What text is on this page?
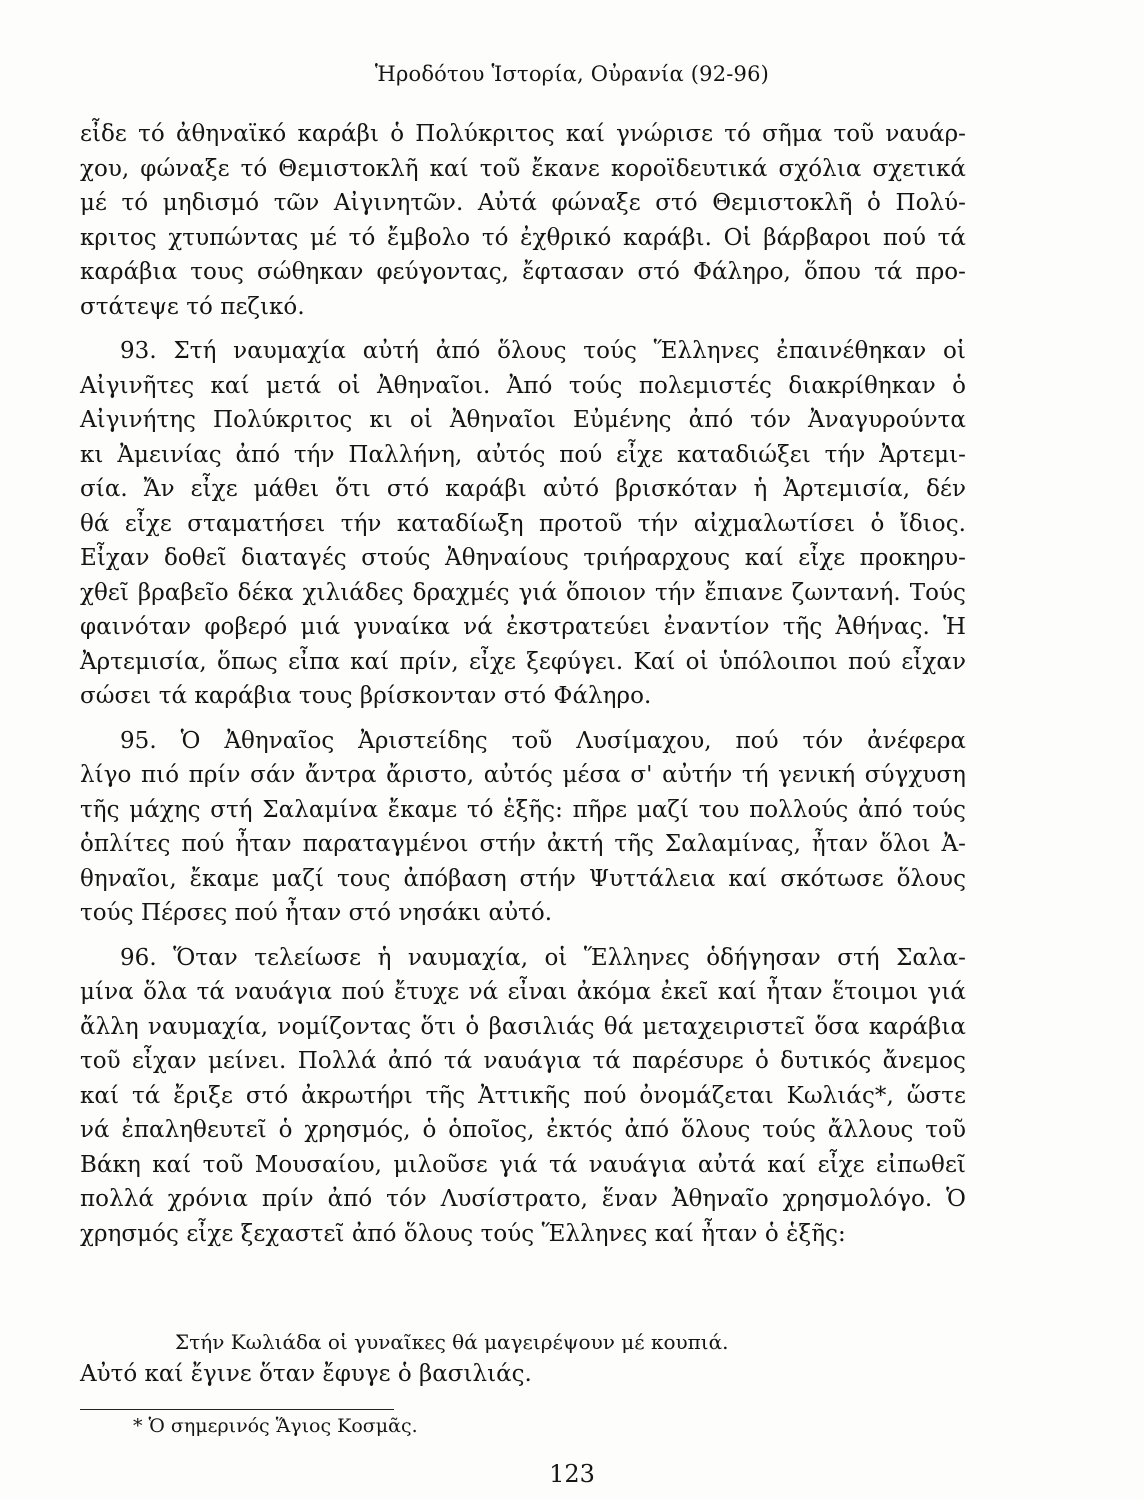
Ἡροδότου Ἱστορία, Οὐρανία (92-96)
εἶδε τό ἀθηναϊκό καράβι ὁ Πολύκριτος καί γνώρισε τό σῆμα τοῦ ναυάρ-
χου, φώναξε τό Θεμιστοκλῆ καί τοῦ ἔκανε κοροϊδευτικά σχόλια σχετικά
μέ τό μηδισμό τῶν Αἰγινητῶν. Αὐτά φώναξε στό Θεμιστοκλῆ ὁ Πολύ-
κριτος χτυπώντας μέ τό ἔμβολο τό ἐχθρικό καράβι. Οἱ βάρβαροι πού τά
καράβια τους σώθηκαν φεύγοντας, ἔφτασαν στό Φάληρο, ὅπου τά προ-
στάτεψε τό πεζικό.
93. Στή ναυμαχία αὐτή ἀπό ὅλους τούς Ἕλληνες ἐπαινέθηκαν οἱ
Αἰγινῆτες καί μετά οἱ Ἀθηναῖοι. Ἀπό τούς πολεμιστές διακρίθηκαν ὁ
Αἰγινήτης Πολύκριτος κι οἱ Ἀθηναῖοι Εὐμένης ἀπό τόν Ἀναγυρούντα
κι Ἀμεινίας ἀπό τήν Παλλήνη, αὐτός πού εἶχε καταδιώξει τήν Ἀρτεμι-
σία. Ἄν εἶχε μάθει ὅτι στό καράβι αὐτό βρισκόταν ἡ Ἀρτεμισία, δέν
θά εἶχε σταματήσει τήν καταδίωξη προτοῦ τήν αἰχμαλωτίσει ὁ ἴδιος.
Εἶχαν δοθεῖ διαταγές στούς Ἀθηναίους τριήραρχους καί εἶχε προκηρυ-
χθεῖ βραβεῖο δέκα χιλιάδες δραχμές γιά ὅποιον τήν ἔπιανε ζωντανή. Τούς
φαινόταν φοβερό μιά γυναίκα νά ἐκστρατεύει ἐναντίον τῆς Ἀθήνας. Ἡ
Ἀρτεμισία, ὅπως εἶπα καί πρίν, εἶχε ξεφύγει. Καί οἱ ὑπόλοιποι πού εἶχαν
σώσει τά καράβια τους βρίσκονταν στό Φάληρο.
95. Ὁ Ἀθηναῖος Ἀριστείδης τοῦ Λυσίμαχου, πού τόν ἀνέφερα
λίγο πιό πρίν σάν ἄντρα ἄριστο, αὐτός μέσα σ' αὐτήν τή γενική σύγχυση
τῆς μάχης στή Σαλαμίνα ἔκαμε τό ἑξῆς: πῆρε μαζί του πολλούς ἀπό τούς
ὁπλίτες πού ἦταν παραταγμένοι στήν ἀκτή τῆς Σαλαμίνας, ἦταν ὅλοι Ἀ-
θηναῖοι, ἔκαμε μαζί τους ἀπόβαση στήν Ψυττάλεια καί σκότωσε ὅλους
τούς Πέρσες πού ἦταν στό νησάκι αὐτό.
96. Ὅταν τελείωσε ἡ ναυμαχία, οἱ Ἕλληνες ὁδήγησαν στή Σαλα-
μίνα ὅλα τά ναυάγια πού ἔτυχε νά εἶναι ἀκόμα ἐκεῖ καί ἦταν ἕτοιμοι γιά
ἄλλη ναυμαχία, νομίζοντας ὅτι ὁ βασιλιάς θά μεταχειριστεῖ ὅσα καράβια
τοῦ εἶχαν μείνει. Πολλά ἀπό τά ναυάγια τά παρέσυρε ὁ δυτικός ἄνεμος
καί τά ἔριξε στό ἀκρωτήρι τῆς Ἀττικῆς πού ὀνομάζεται Κωλιάς*, ὥστε
νά ἐπαληθευτεῖ ὁ χρησμός, ὁ ὁποῖος, ἐκτός ἀπό ὅλους τούς ἄλλους τοῦ
Βάκη καί τοῦ Μουσαίου, μιλοῦσε γιά τά ναυάγια αὐτά καί εἶχε εἰπωθεῖ
πολλά χρόνια πρίν ἀπό τόν Λυσίστρατο, ἕναν Ἀθηναῖο χρησμολόγο. Ὁ
χρησμός εἶχε ξεχαστεῖ ἀπό ὅλους τούς Ἕλληνες καί ἦταν ὁ ἑξῆς:
Στήν Κωλιάδα οἱ γυναῖκες θά μαγειρέψουν μέ κουπιά.
Αὐτό καί ἔγινε ὅταν ἔφυγε ὁ βασιλιάς.
* Ὁ σημερινός Ἅγιος Κοσμᾶς.
123
